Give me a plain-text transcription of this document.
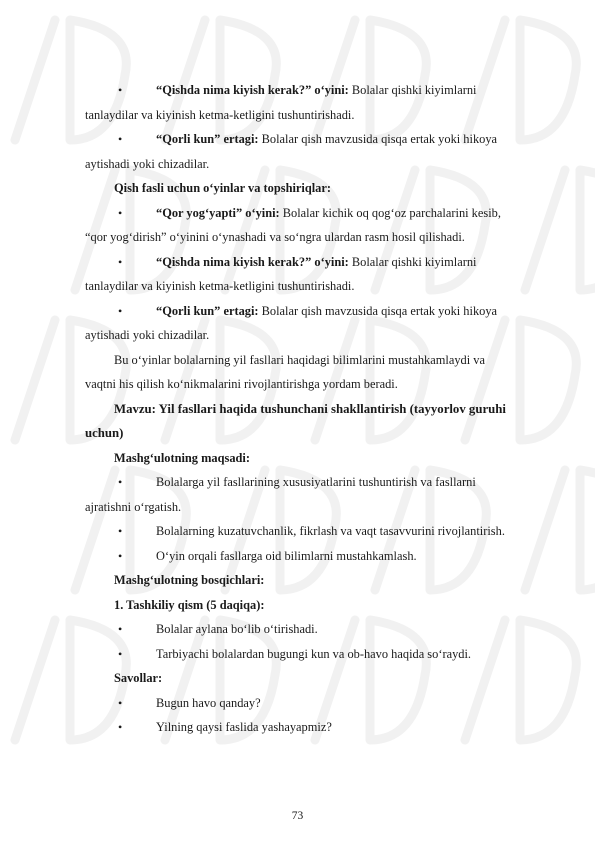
•	“Qishda nima kiyish kerak?” o‘yini: Bolalar qishki kiyimlarni
tanlaydilar va kiyinish ketma-ketligini tushuntirishadi.
•	“Qorli kun” ertagi: Bolalar qish mavzusida qisqa ertak yoki hikoya
aytishadi yoki chizadilar.
Qish fasli uchun o‘yinlar va topshiriqlar:
•	“Qor yog‘yapti” o‘yini: Bolalar kichik oq qog‘oz parchalarini kesib,
“qor yog‘dirish” o‘yinini o‘ynashadi va so‘ngra ulardan rasm hosil qilishadi.
•	“Qishda nima kiyish kerak?” o‘yini: Bolalar qishki kiyimlarni
tanlaydilar va kiyinish ketma-ketligini tushuntirishadi.
•	“Qorli kun” ertagi: Bolalar qish mavzusida qisqa ertak yoki hikoya
aytishadi yoki chizadilar.
Bu o‘yinlar bolalarning yil fasllari haqidagi bilimlarini mustahkamlaydi va
vaqtni his qilish ko‘nikmalarini rivojlantirishga yordam beradi.
Mavzu: Yil fasllari haqida tushunchani shakllantirish (tayyorlov guruhi
uchun)
Mashg‘ulotning maqsadi:
•	Bolalarga yil fasllarining xususiyatlarini tushuntirish va fasllarni
ajratishni o‘rgatish.
•	Bolalarning kuzatuvchanlik, fikrlash va vaqt tasavvurini rivojlantirish.
•	O‘yin orqali fasllarga oid bilimlarni mustahkamlash.
Mashg‘ulotning bosqichlari:
1. Tashkiliy qism (5 daqiqa):
•	Bolalar aylana bo‘lib o‘tirishadi.
•	Tarbiyachi bolalardan bugungi kun va ob-havo haqida so‘raydi.
Savollar:
•	Bugun havo qanday?
•	Yilning qaysi faslida yashayapmiz?
73
